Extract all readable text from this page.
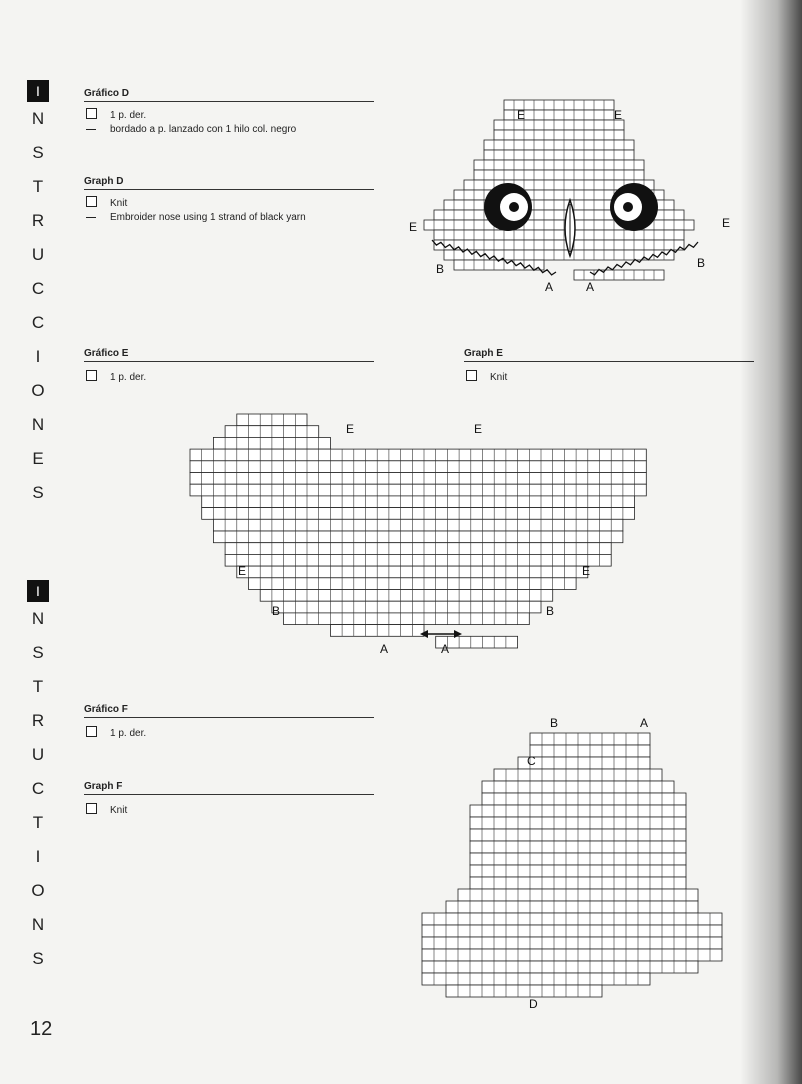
I
N
S
T
R
U
C
C
I
O
N
E
S
I
N
S
T
R
U
C
T
I
O
N
S
12
Gráfico D
1 p. der.
bordado a p. lanzado con 1 hilo col. negro
Graph D
Knit
Embroider nose using 1 strand of black yarn
Gráfico E
1 p. der.
Graph E
Knit
Gráfico F
1 p. der.
Graph F
Knit
E	E
E	E
B	B
A	A
E	E
E	E
B	B
A	A
B	A
C
D
